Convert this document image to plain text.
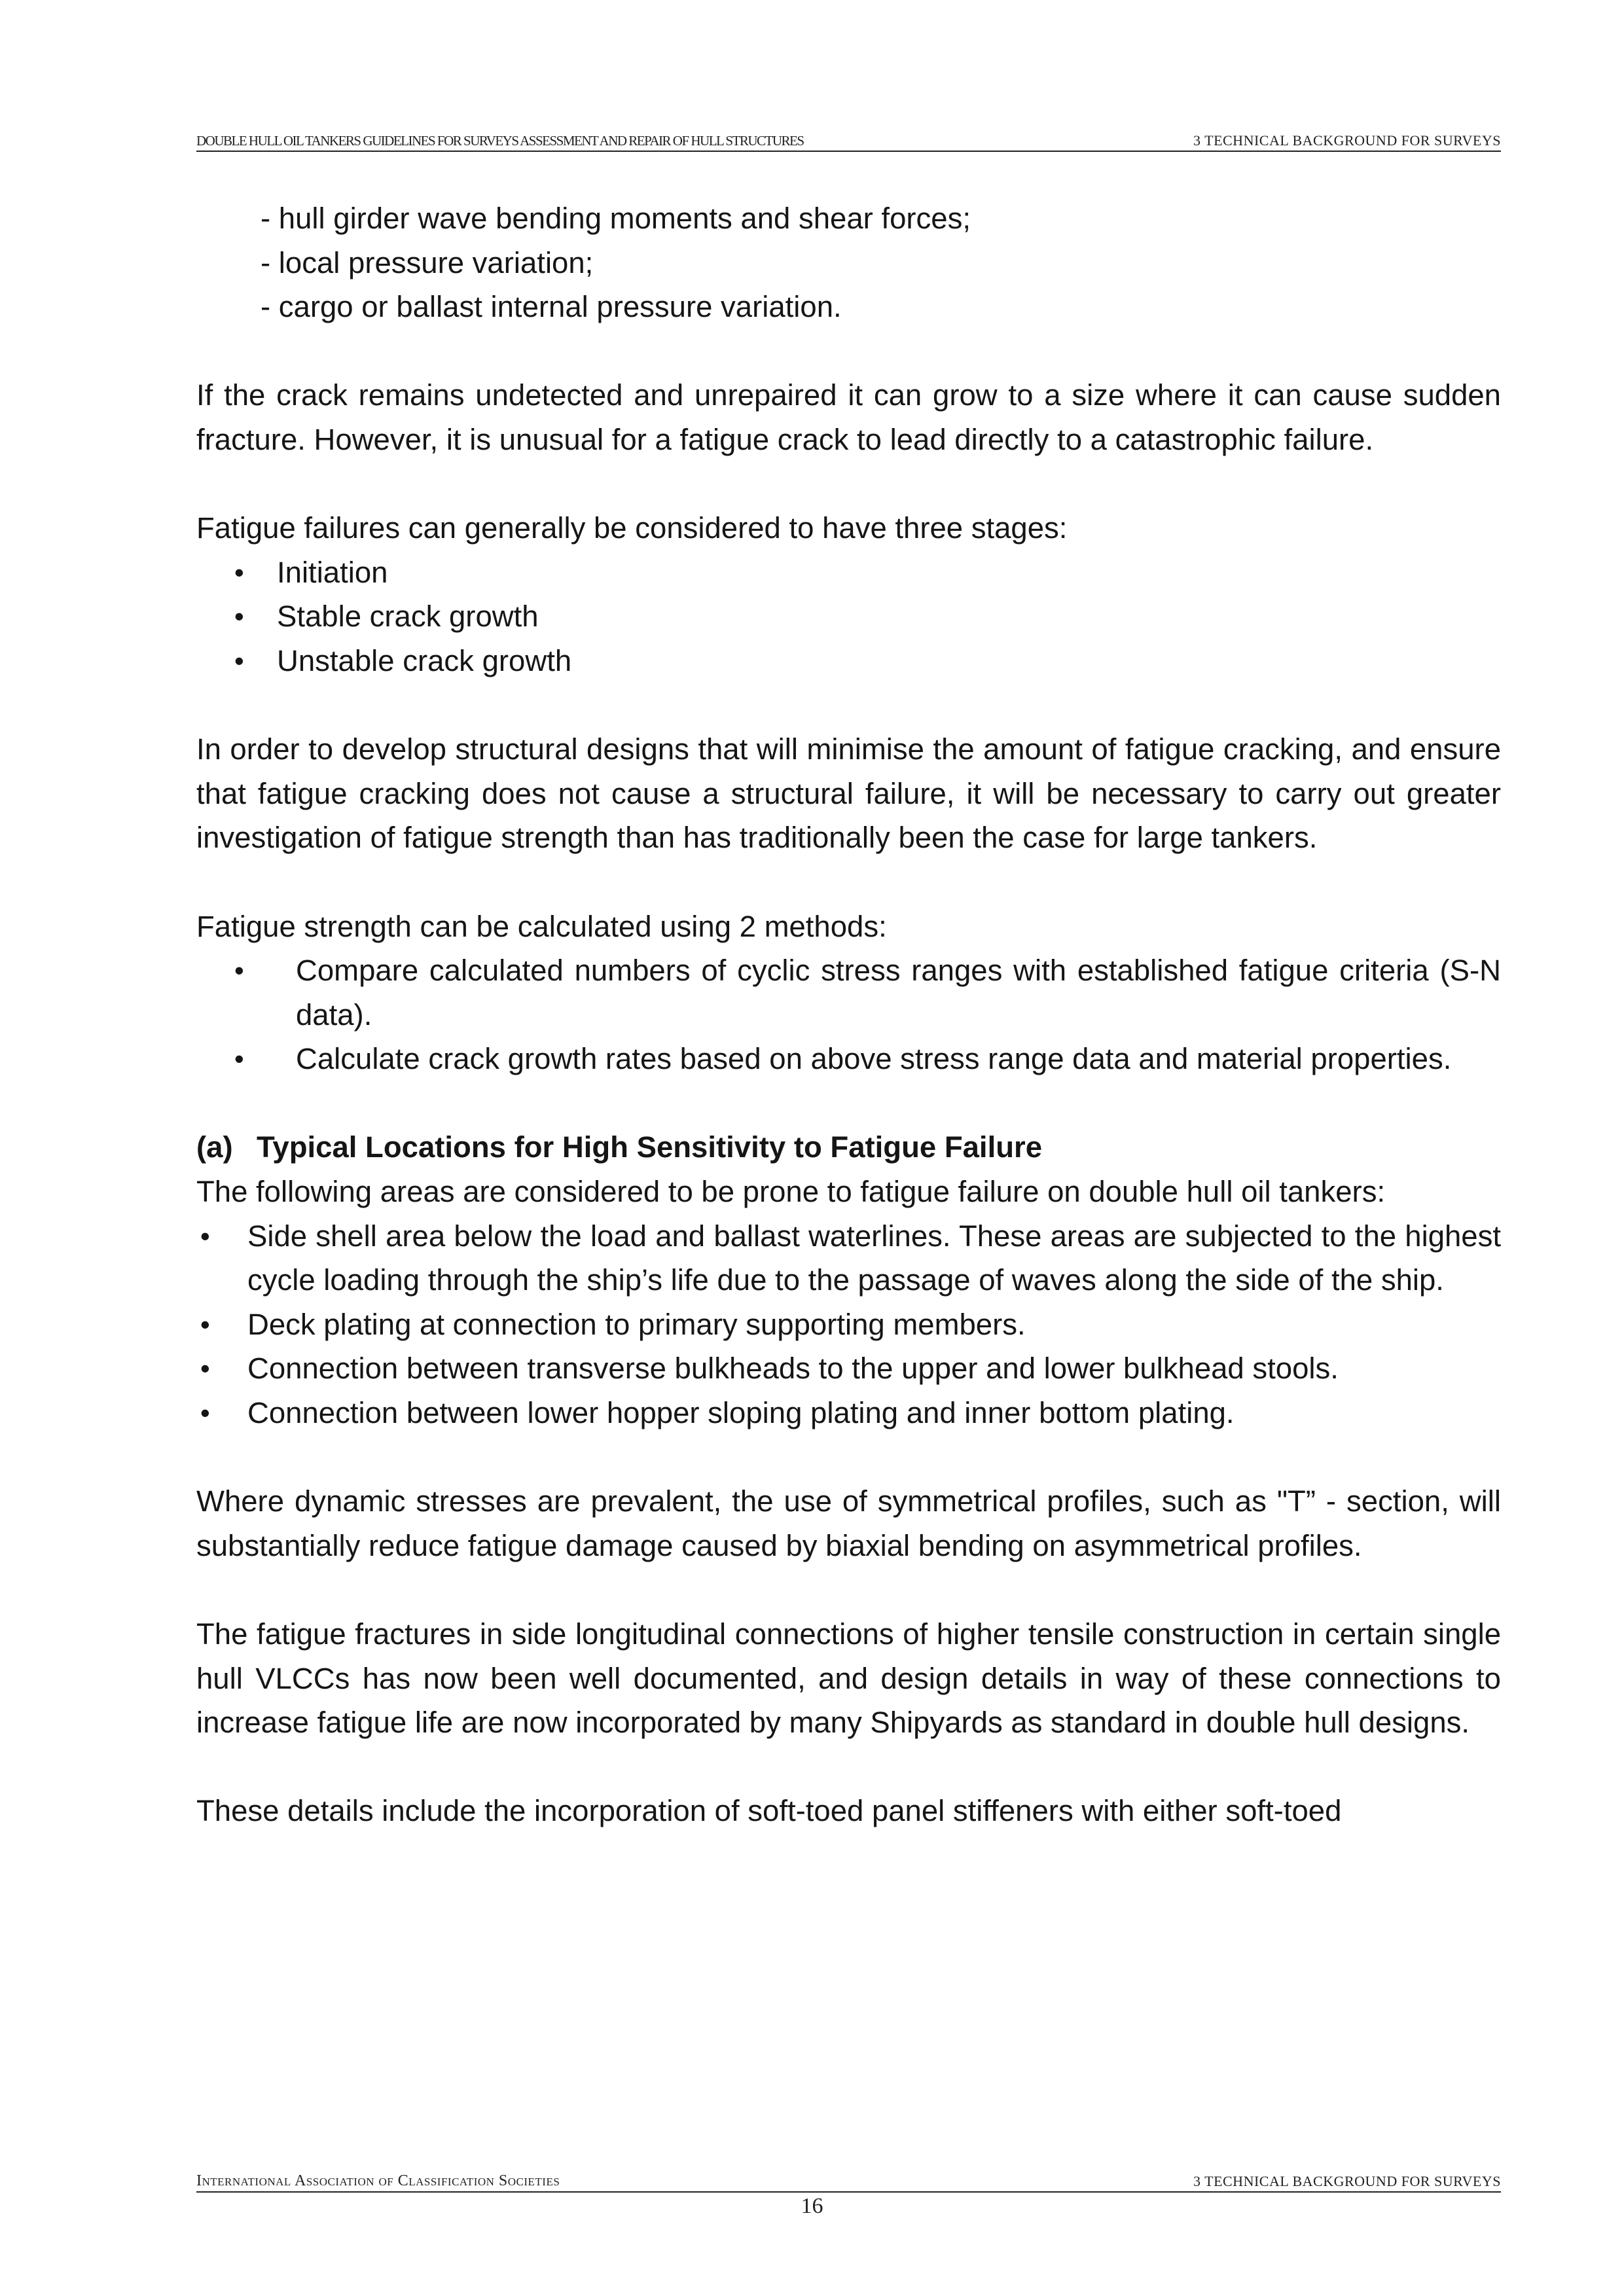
DOUBLE HULL OIL TANKERS GUIDELINES FOR SURVEYS ASSESSMENT AND REPAIR OF HULL STRUCTURES	3 TECHNICAL BACKGROUND FOR SURVEYS
- hull girder wave bending moments and shear forces;
- local pressure variation;
- cargo or ballast internal pressure variation.

If the crack remains undetected and unrepaired it can grow to a size where it can cause sudden fracture. However, it is unusual for a fatigue crack to lead directly to a catastrophic failure.

Fatigue failures can generally be considered to have three stages:

• Initiation
• Stable crack growth
• Unstable crack growth

In order to develop structural designs that will minimise the amount of fatigue cracking, and ensure that fatigue cracking does not cause a structural failure, it will be necessary to carry out greater investigation of fatigue strength than has traditionally been the case for large tankers.

Fatigue strength can be calculated using 2 methods:

• Compare calculated numbers of cyclic stress ranges with established fatigue criteria (S-N data).
• Calculate crack growth rates based on above stress range data and material properties.

(a) Typical Locations for High Sensitivity to Fatigue Failure

The following areas are considered to be prone to fatigue failure on double hull oil tankers:

• Side shell area below the load and ballast waterlines. These areas are subjected to the highest cycle loading through the ship’s life due to the passage of waves along the side of the ship.
• Deck plating at connection to primary supporting members.
• Connection between transverse bulkheads to the upper and lower bulkhead stools.
• Connection between lower hopper sloping plating and inner bottom plating.

Where dynamic stresses are prevalent, the use of symmetrical profiles, such as "T” - section, will substantially reduce fatigue damage caused by biaxial bending on asymmetrical profiles.

The fatigue fractures in side longitudinal connections of higher tensile construction in certain single hull VLCCs has now been well documented, and design details in way of these connections to increase fatigue life are now incorporated by many Shipyards as standard in double hull designs.

These details include the incorporation of soft-toed panel stiffeners with either soft-toed

International Association of Classification Societies	3 TECHNICAL BACKGROUND FOR SURVEYS
16
